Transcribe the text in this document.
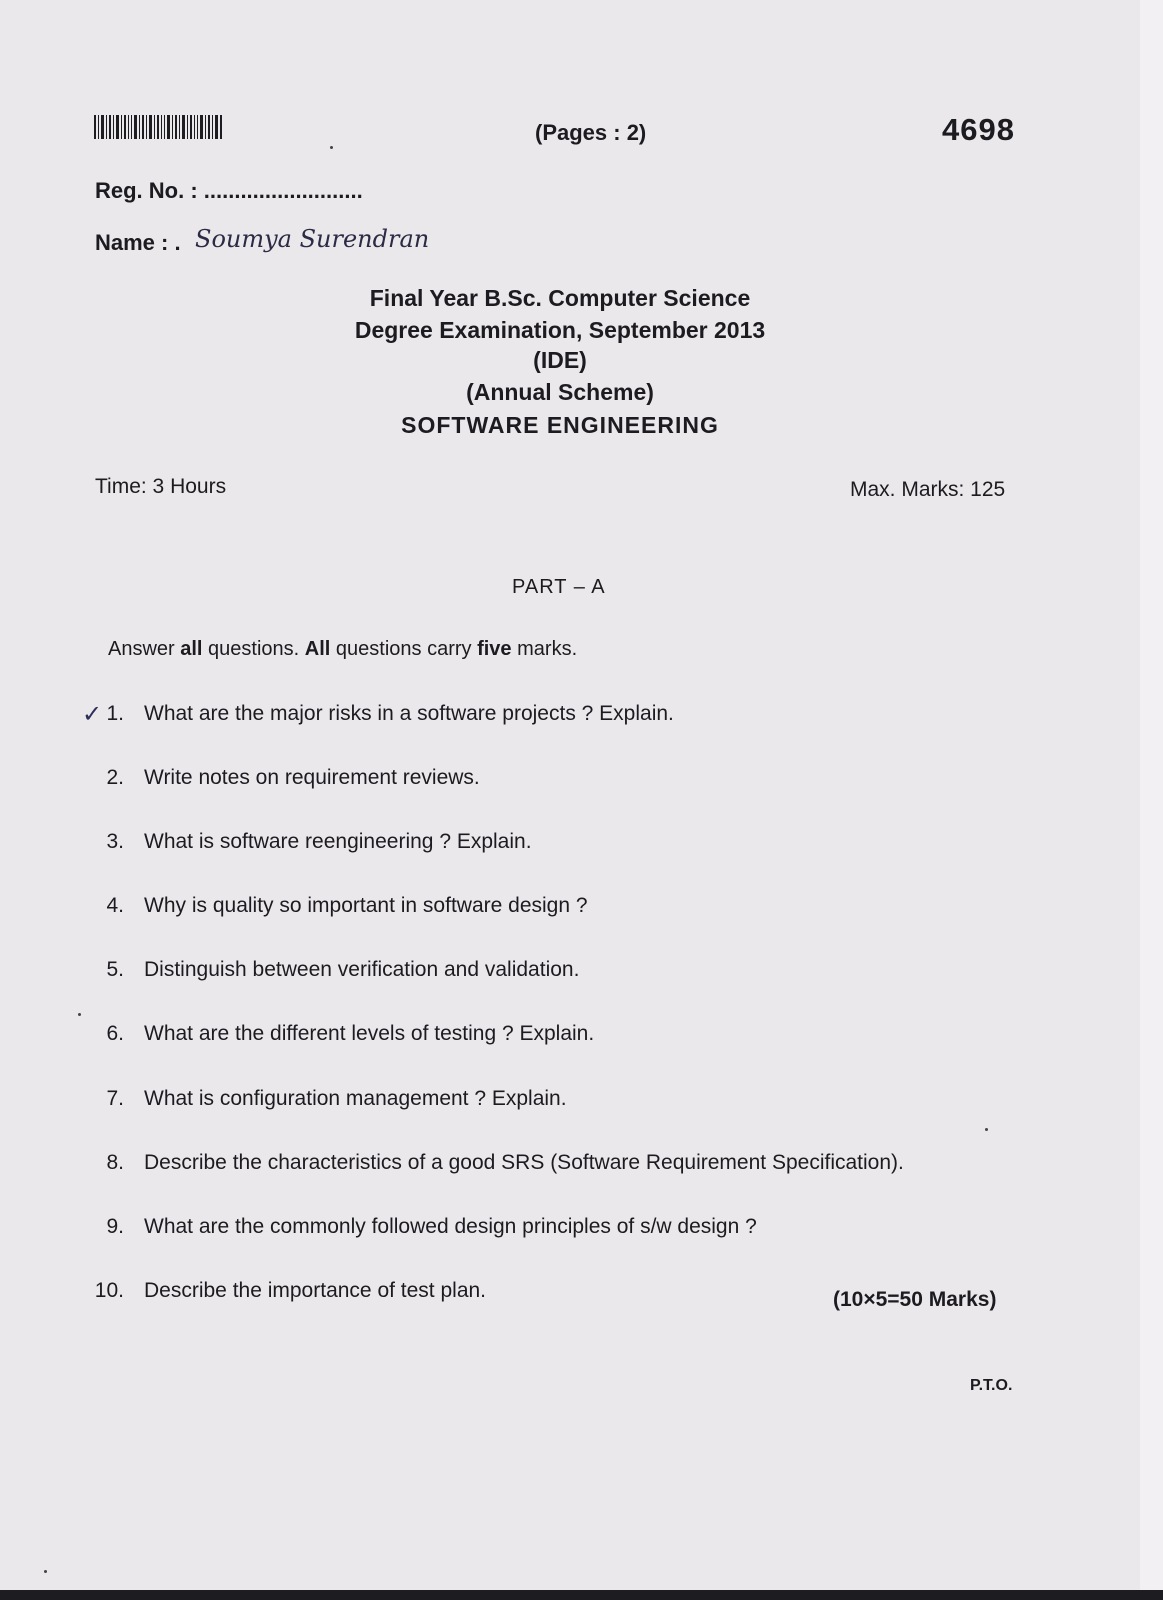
(Pages : 2)	4698
Reg. No. : ..........................
Name : . Soumya Surendran
Final Year B.Sc. Computer Science
Degree Examination, September 2013
(IDE)
(Annual Scheme)
SOFTWARE ENGINEERING
Time: 3 Hours	Max. Marks: 125
PART – A
Answer all questions. All questions carry five marks.
✓ 1. What are the major risks in a software projects ? Explain.
2. Write notes on requirement reviews.
3. What is software reengineering ? Explain.
4. Why is quality so important in software design ?
5. Distinguish between verification and validation.
6. What are the different levels of testing ? Explain.
7. What is configuration management ? Explain.
8. Describe the characteristics of a good SRS (Software Requirement Specification).
9. What are the commonly followed design principles of s/w design ?
10. Describe the importance of test plan.	(10×5=50 Marks)
P.T.O.
